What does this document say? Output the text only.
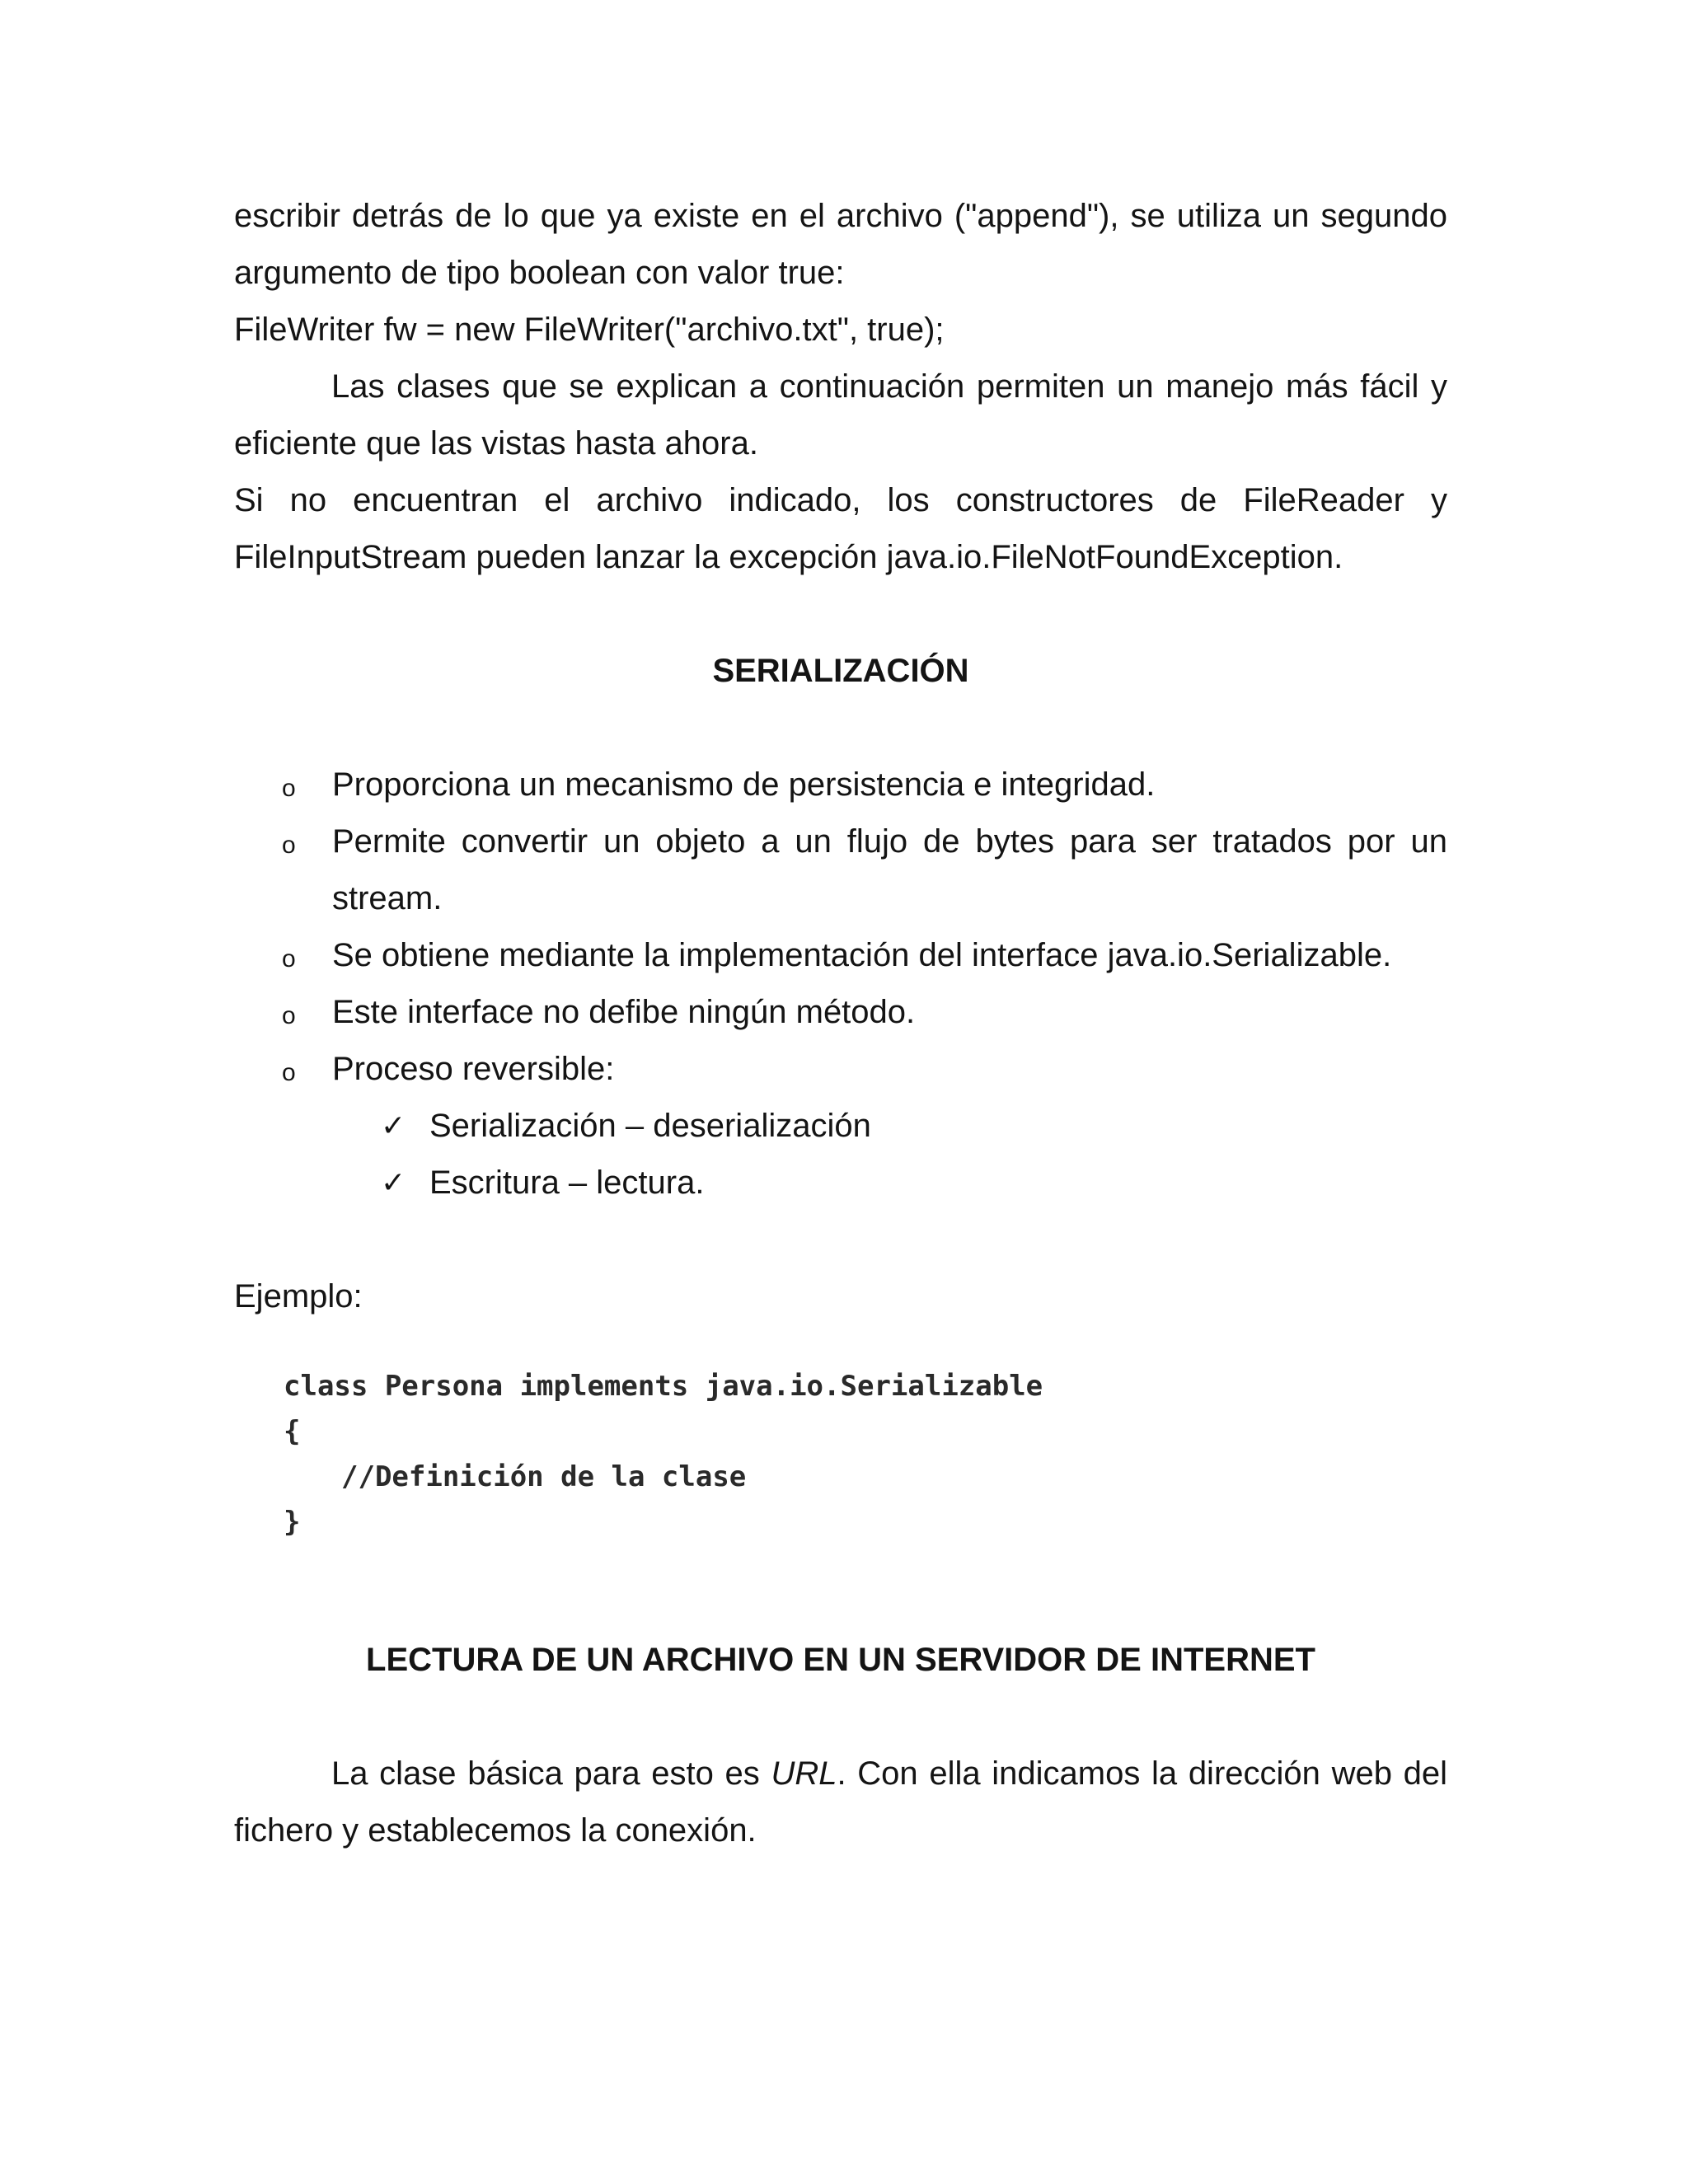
escribir detrás de lo que ya existe en el archivo ("append"), se utiliza un segundo argumento de tipo boolean con valor true:

FileWriter fw = new FileWriter("archivo.txt", true);

Las clases que se explican a continuación permiten un manejo más fácil y eficiente que las vistas hasta ahora.

Si no encuentran el archivo indicado, los constructores de FileReader y FileInputStream pueden lanzar la excepción java.io.FileNotFoundException.

SERIALIZACIÓN
o Proporciona un mecanismo de persistencia e integridad.
o Permite convertir un objeto a un flujo de bytes para ser tratados por un stream.
o Se obtiene mediante la implementación del interface java.io.Serializable.
o Este interface no defibe ningún método.
o Proceso reversible:
✓ Serialización – deserialización
✓ Escritura – lectura.

Ejemplo:

class Persona implements java.io.Serializable
{
//Definición de la clase
}
LECTURA DE UN ARCHIVO EN UN SERVIDOR DE INTERNET

La clase básica para esto es URL. Con ella indicamos la dirección web del fichero y establecemos la conexión.
